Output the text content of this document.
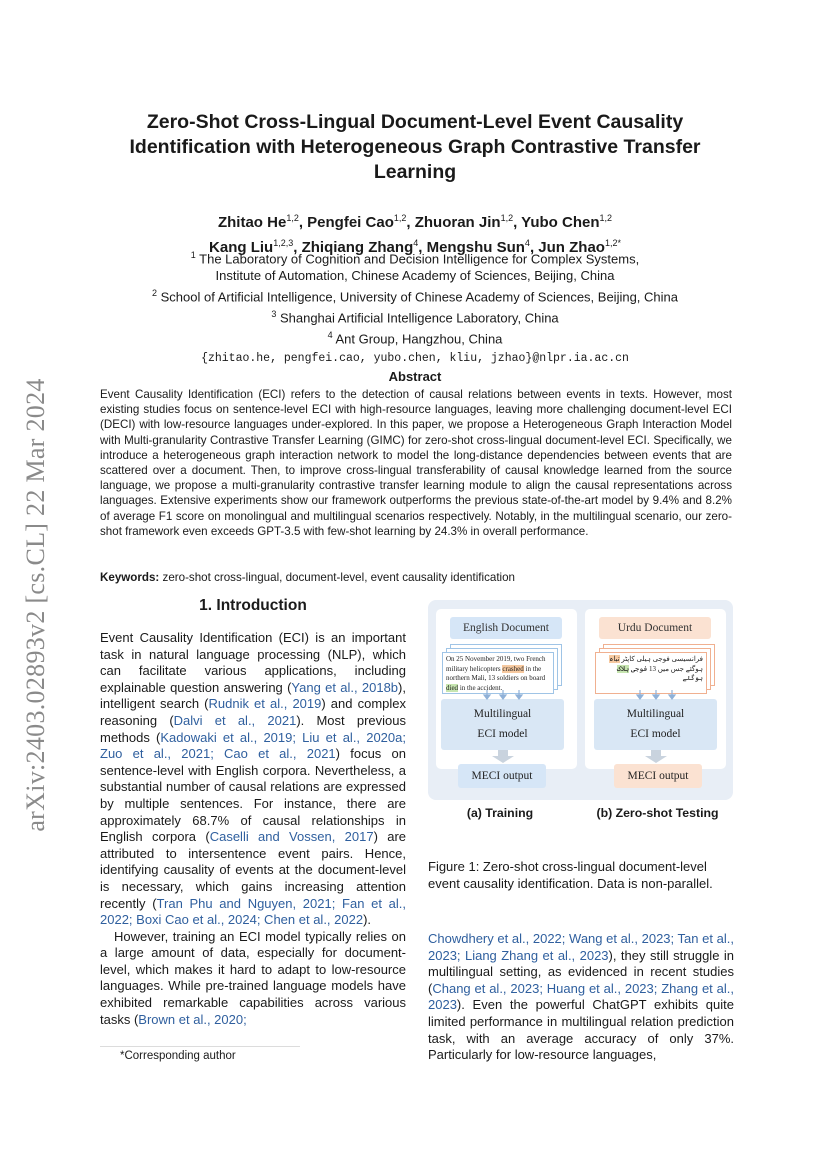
arXiv:2403.02893v2 [cs.CL] 22 Mar 2024
Zero-Shot Cross-Lingual Document-Level Event Causality Identification with Heterogeneous Graph Contrastive Transfer Learning
Zhitao He$^{1,2}$, Pengfei Cao$^{1,2}$, Zhuoran Jin$^{1,2}$, Yubo Chen$^{1,2}$
Kang Liu$^{1,2,3}$, Zhiqiang Zhang$^4$, Mengshu Sun$^4$, Jun Zhao$^{1,2*}$
$^1$ The Laboratory of Cognition and Decision Intelligence for Complex Systems,
Institute of Automation, Chinese Academy of Sciences, Beijing, China
$^2$ School of Artificial Intelligence, University of Chinese Academy of Sciences, Beijing, China
$^3$ Shanghai Artificial Intelligence Laboratory, China
$^4$ Ant Group, Hangzhou, China
{zhitao.he, pengfei.cao, yubo.chen, kliu, jzhao}@nlpr.ia.ac.cn
Abstract
Event Causality Identification (ECI) refers to the detection of causal relations between events in texts. However, most existing studies focus on sentence-level ECI with high-resource languages, leaving more challenging document-level ECI (DECI) with low-resource languages under-explored. In this paper, we propose a Heterogeneous Graph Interaction Model with Multi-granularity Contrastive Transfer Learning (GIMC) for zero-shot cross-lingual document-level ECI. Specifically, we introduce a heterogeneous graph interaction network to model the long-distance dependencies between events that are scattered over a document. Then, to improve cross-lingual transferability of causal knowledge learned from the source language, we propose a multi-granularity contrastive transfer learning module to align the causal representations across languages. Extensive experiments show our framework outperforms the previous state-of-the-art model by 9.4% and 8.2% of average F1 score on monolingual and multilingual scenarios respectively. Notably, in the multilingual scenario, our zero-shot framework even exceeds GPT-3.5 with few-shot learning by 24.3% in overall performance.
Keywords: zero-shot cross-lingual, document-level, event causality identification
1. Introduction

Event Causality Identification (ECI) is an important task in natural language processing (NLP), which can facilitate various applications, including explainable question answering (Yang et al., 2018b), intelligent search (Rudnik et al., 2019) and complex reasoning (Dalvi et al., 2021). Most previous methods (Kadowaki et al., 2019; Liu et al., 2020a; Zuo et al., 2021; Cao et al., 2021) focus on sentence-level with English corpora. Nevertheless, a substantial number of causal relations are expressed by multiple sentences. For instance, there are approximately 68.7% of causal relationships in English corpora (Caselli and Vossen, 2017) are attributed to intersentence event pairs. Hence, identifying causality of events at the document-level is necessary, which gains increasing attention recently (Tran Phu and Nguyen, 2021; Fan et al., 2022; Boxi Cao et al., 2024; Chen et al., 2022).

However, training an ECI model typically relies on a large amount of data, especially for document-level, which makes it hard to adapt to low-resource languages. While pre-trained language models have exhibited remarkable capabilities across various tasks (Brown et al., 2020;

*Corresponding author
English Document
On 25 November 2019, two French military helicopters crashed in the northern Mali, 13 soldiers on board died in the accident.
Multilingual
ECI model
MECI output
Urdu Document
فرانسیسی فوجی ہیلی کاپٹر تباہ ہوگئے جس میں 13 فوجی ہلاک ہوگئے
Multilingual
ECI model
MECI output
(a) Training	(b) Zero-shot Testing
Figure 1: Zero-shot cross-lingual document-level event causality identification. Data is non-parallel.
Chowdhery et al., 2022; Wang et al., 2023; Tan et al., 2023; Liang Zhang et al., 2023), they still struggle in multilingual setting, as evidenced in recent studies (Chang et al., 2023; Huang et al., 2023; Zhang et al., 2023). Even the powerful ChatGPT exhibits quite limited performance in multilingual relation prediction task, with an average accuracy of only 37%. Particularly for low-resource languages,
